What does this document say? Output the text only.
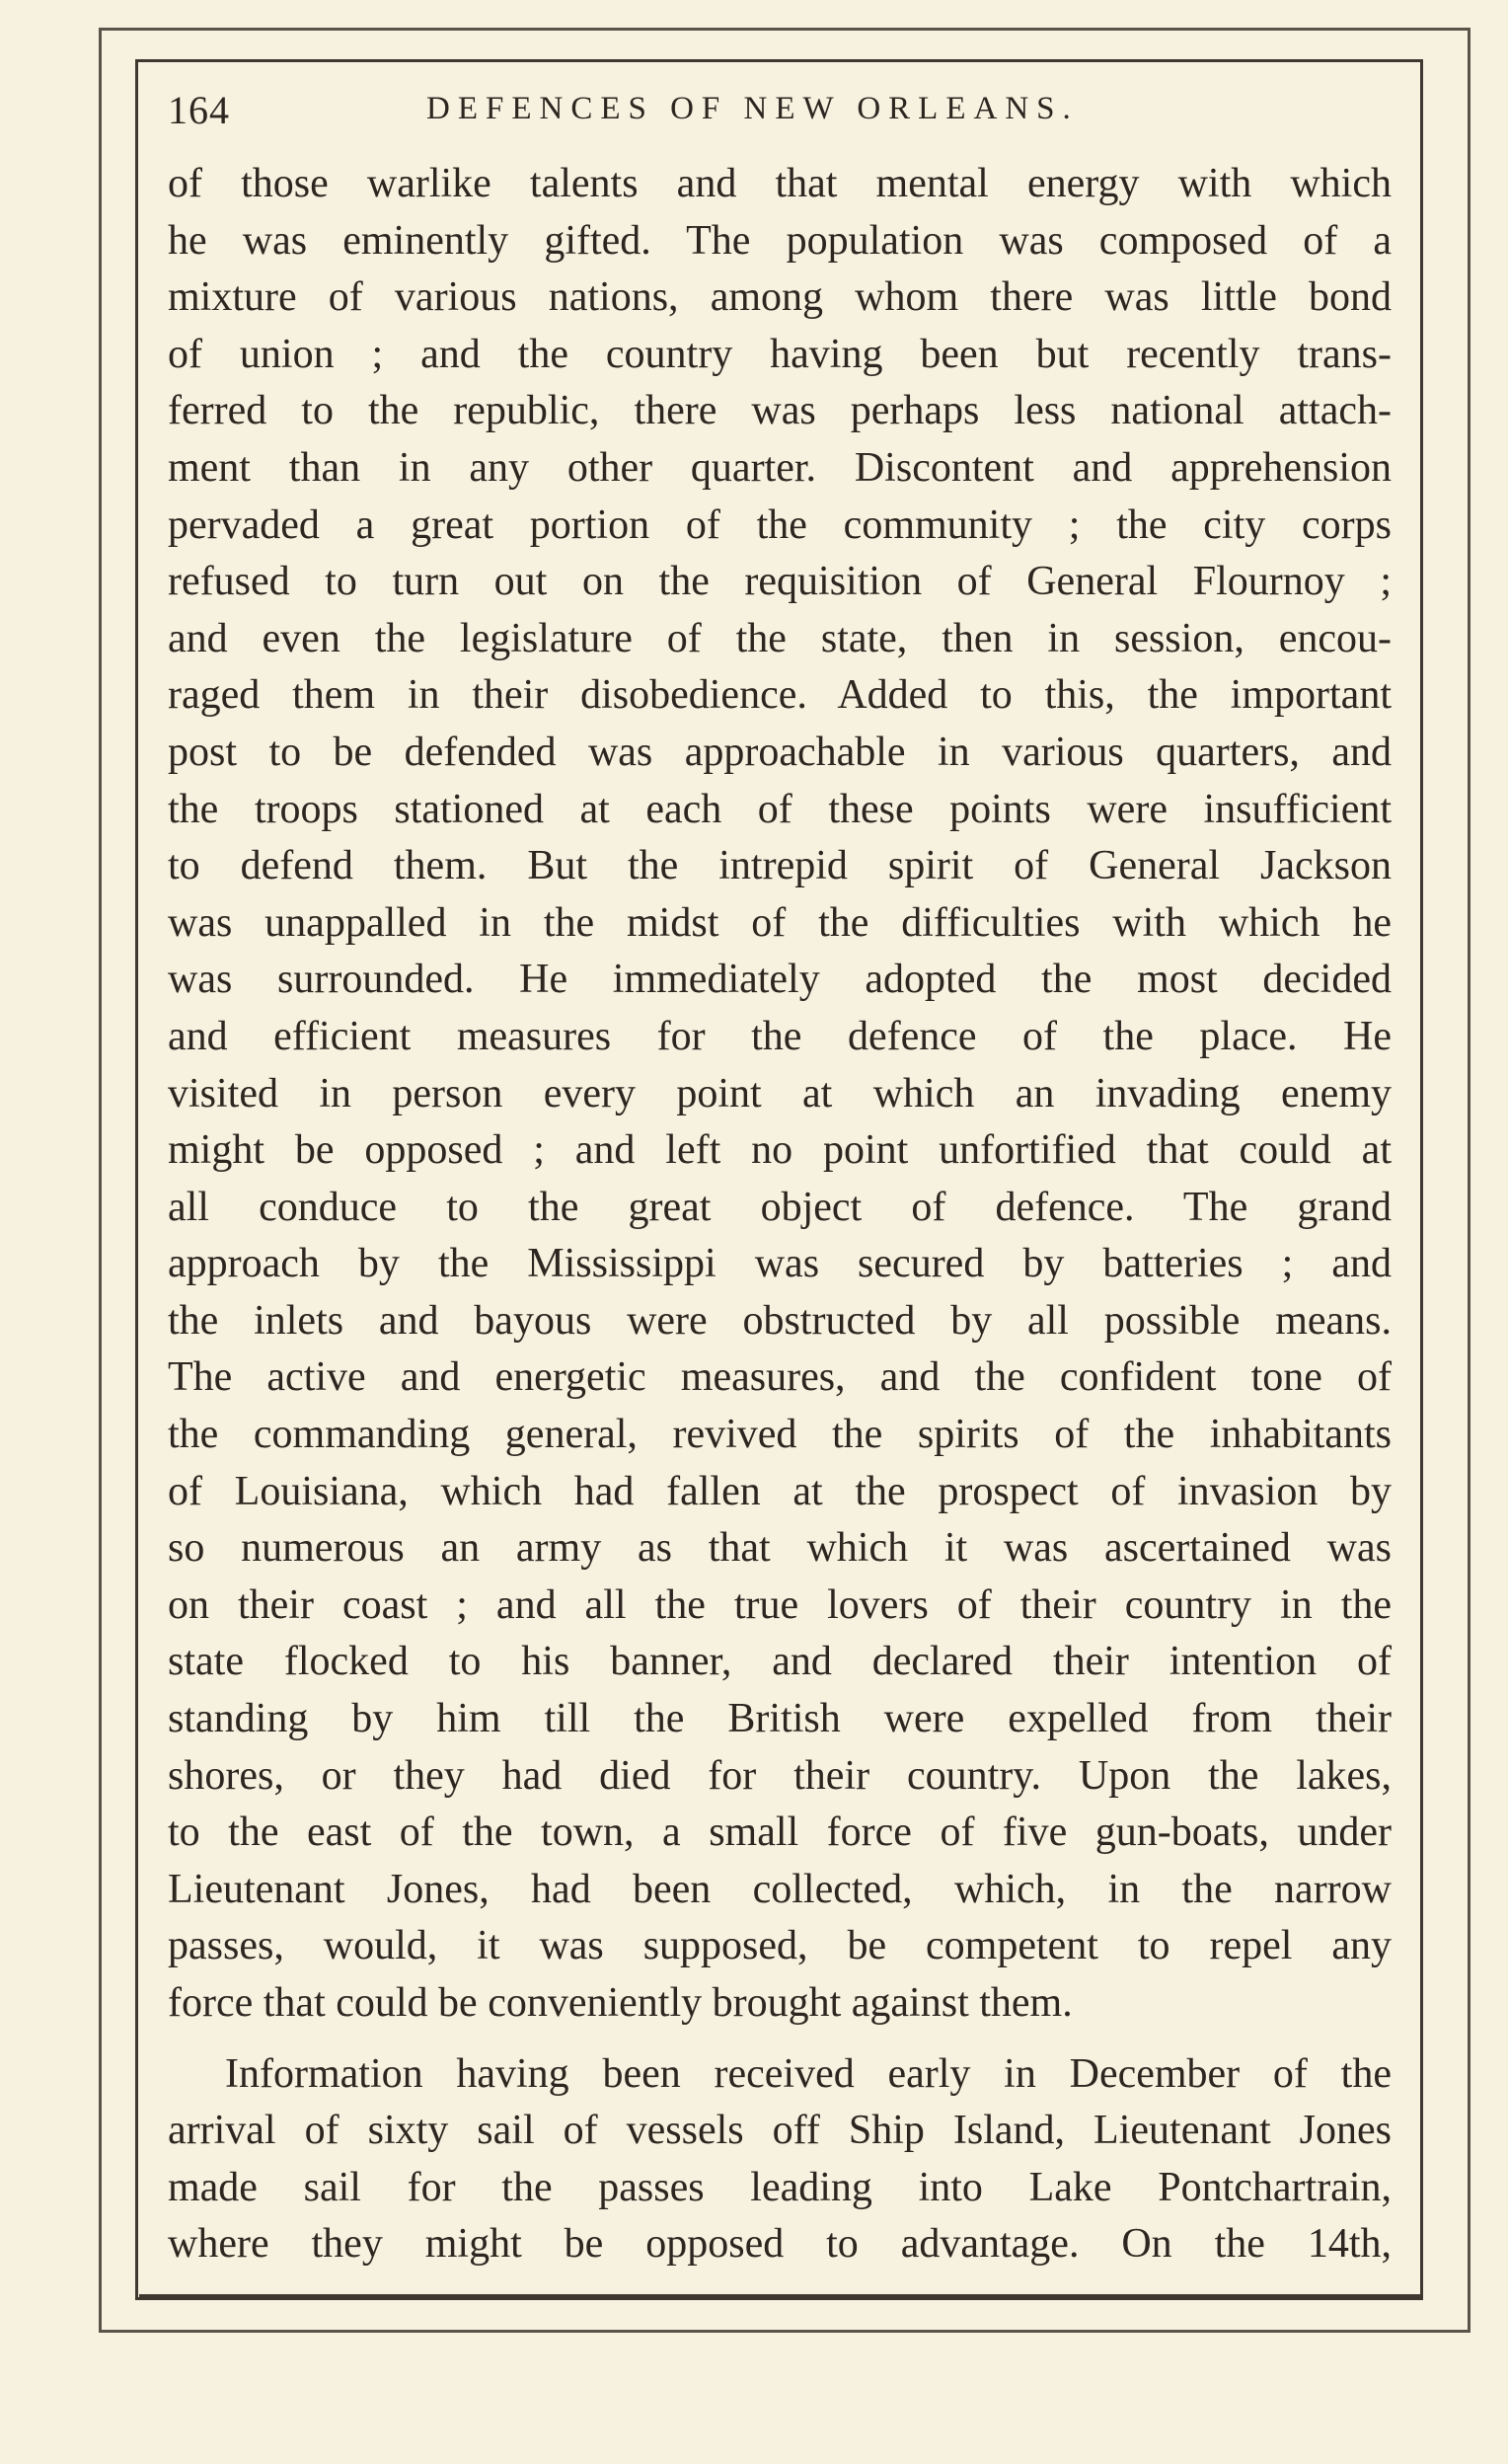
164	DEFENCES OF NEW ORLEANS.
of those warlike talents and that mental energy with which
he was eminently gifted. The population was composed of a
mixture of various nations, among whom there was little bond
of union ; and the country having been but recently trans-
ferred to the republic, there was perhaps less national attach-
ment than in any other quarter. Discontent and apprehension
pervaded a great portion of the community ; the city corps
refused to turn out on the requisition of General Flournoy ;
and even the legislature of the state, then in session, encou-
raged them in their disobedience. Added to this, the important
post to be defended was approachable in various quarters, and
the troops stationed at each of these points were insufficient
to defend them. But the intrepid spirit of General Jackson
was unappalled in the midst of the difficulties with which he
was surrounded. He immediately adopted the most decided
and efficient measures for the defence of the place. He
visited in person every point at which an invading enemy
might be opposed ; and left no point unfortified that could at
all conduce to the great object of defence. The grand
approach by the Mississippi was secured by batteries ; and
the inlets and bayous were obstructed by all possible means.
The active and energetic measures, and the confident tone of
the commanding general, revived the spirits of the inhabitants
of Louisiana, which had fallen at the prospect of invasion by
so numerous an army as that which it was ascertained was
on their coast ; and all the true lovers of their country in the
state flocked to his banner, and declared their intention of
standing by him till the British were expelled from their
shores, or they had died for their country. Upon the lakes,
to the east of the town, a small force of five gun-boats, under
Lieutenant Jones, had been collected, which, in the narrow
passes, would, it was supposed, be competent to repel any
force that could be conveniently brought against them.
Information having been received early in December of the
arrival of sixty sail of vessels off Ship Island, Lieutenant Jones
made sail for the passes leading into Lake Pontchartrain,
where they might be opposed to advantage. On the 14th,
